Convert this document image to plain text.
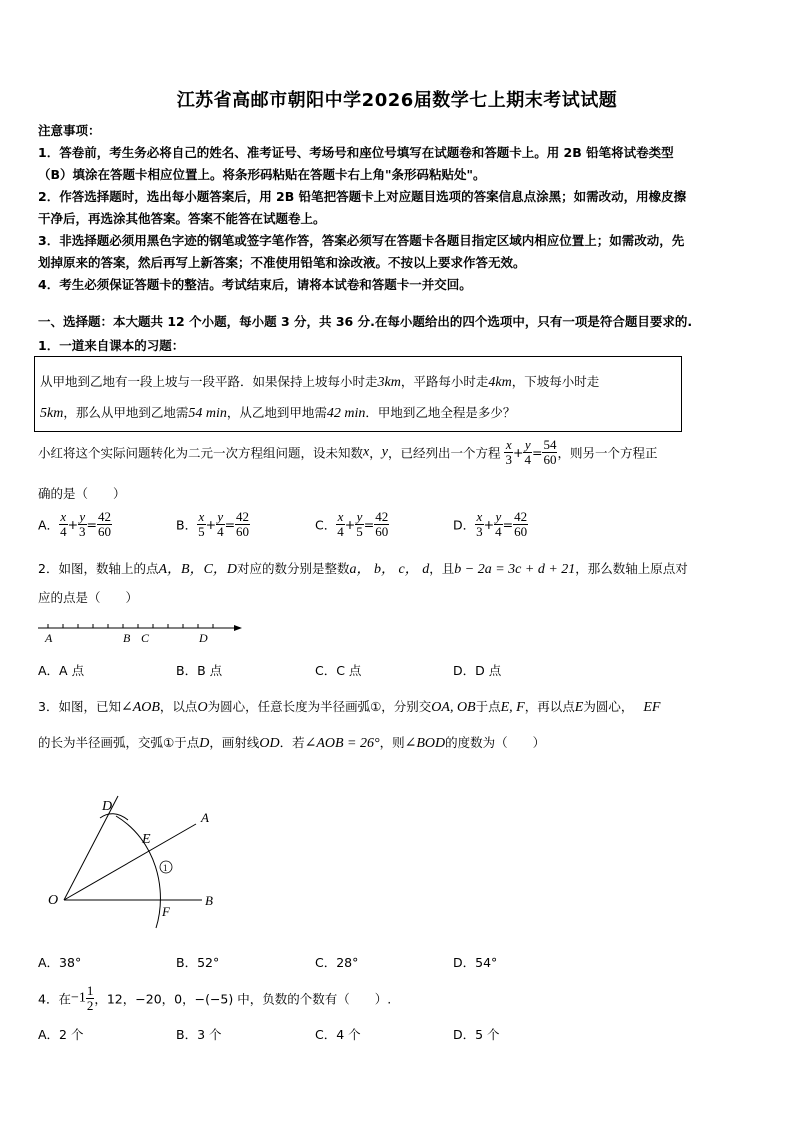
江苏省高邮市朝阳中学2026届数学七上期末考试试题
注意事项：
1．答卷前，考生务必将自己的姓名、准考证号、考场号和座位号填写在试题卷和答题卡上。用 2B 铅笔将试卷类型
（B）填涂在答题卡相应位置上。将条形码粘贴在答题卡右上角"条形码粘贴处"。
2．作答选择题时，选出每小题答案后，用 2B 铅笔把答题卡上对应题目选项的答案信息点涂黑；如需改动，用橡皮擦
干净后，再选涂其他答案。答案不能答在试题卷上。
3．非选择题必须用黑色字迹的钢笔或签字笔作答，答案必须写在答题卡各题目指定区域内相应位置上；如需改动，先
划掉原来的答案，然后再写上新答案；不准使用铅笔和涂改液。不按以上要求作答无效。
4．考生必须保证答题卡的整洁。考试结束后，请将本试卷和答题卡一并交回。
一、选择题：本大题共 12 个小题，每小题 3 分，共 36 分.在每小题给出的四个选项中，只有一项是符合题目要求的.
1．一道来自课本的习题：
从甲地到乙地有一段上坡与一段平路．如果保持上坡每小时走3km，平路每小时走4km，下坡每小时走
5km，那么从甲地到乙地需54 min，从乙地到甲地需42 min．甲地到乙地全程是多少？
小红将这个实际问题转化为二元一次方程组问题，设未知数x，y，已经列出一个方程 $\frac{x}{3} + \frac{y}{4} = \frac{54}{60}$ ，则另一个方程正
确的是（　　）
A． $\frac{x}{4} + \frac{y}{3} = \frac{42}{60}$	B． $\frac{x}{5} + \frac{y}{4} = \frac{42}{60}$	C． $\frac{x}{4} + \frac{y}{5} = \frac{42}{60}$	D． $\frac{x}{3} + \frac{y}{4} = \frac{42}{60}$
2．如图，数轴上的点A，B，C，D对应的数分别是整数a， b， c， d，且b − 2a = 3c + d + 21，那么数轴上原点对
应的点是（　　）
A	B C	D
A．A 点	B．B 点	C．C 点	D．D 点
3．如图，已知∠AOB，以点O为圆心，任意长度为半径画弧①，分别交OA, OB于点E, F，再以点E为圆心， EF
的长为半径画弧，交弧①于点D，画射线OD．若∠AOB = 26°，则∠BOD的度数为（　　）
1
D
A
E
O	B
F
A．38°	B．52°	C．28°	D．54°
4．在$-1 \frac{1}{2}$ ，12，−20，0，−(−5) 中，负数的个数有（　　）.
A．2 个	B．3 个	C．4 个	D．5 个
